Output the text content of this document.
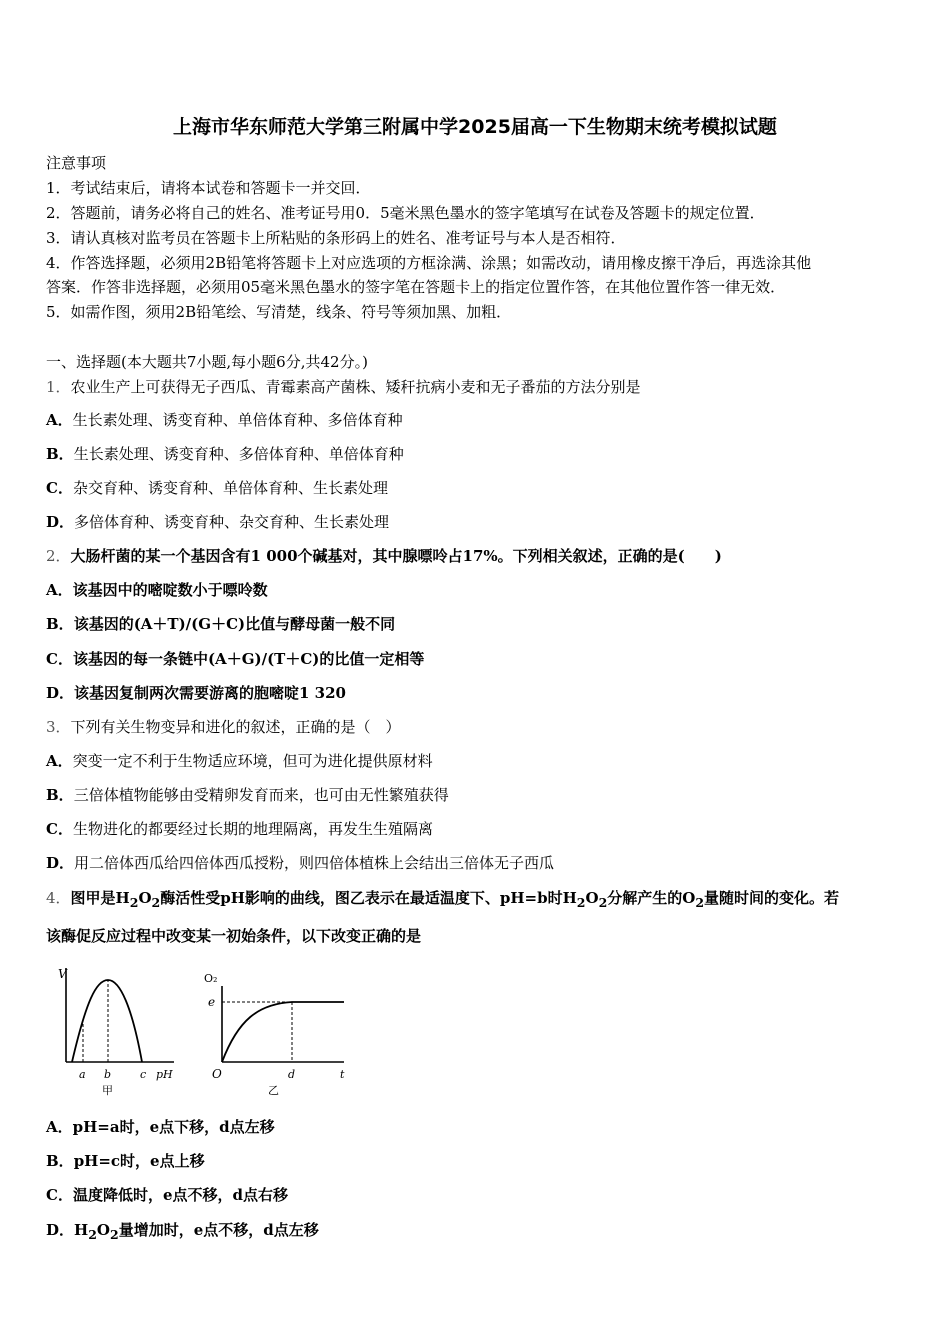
上海市华东师范大学第三附属中学2025届高一下生物期末统考模拟试题
注意事项
1．考试结束后，请将本试卷和答题卡一并交回．
2．答题前，请务必将自己的姓名、准考证号用0．5毫米黑色墨水的签字笔填写在试卷及答题卡的规定位置．
3．请认真核对监考员在答题卡上所粘贴的条形码上的姓名、准考证号与本人是否相符．
4．作答选择题，必须用2B铅笔将答题卡上对应选项的方框涂满、涂黑；如需改动，请用橡皮擦干净后，再选涂其他
答案．作答非选择题，必须用05毫米黑色墨水的签字笔在答题卡上的指定位置作答，在其他位置作答一律无效．
5．如需作图，须用2B铅笔绘、写清楚，线条、符号等须加黑、加粗．
一、选择题(本大题共7小题,每小题6分,共42分。)
1．农业生产上可获得无子西瓜、青霉素高产菌株、矮秆抗病小麦和无子番茄的方法分别是
A．生长素处理、诱变育种、单倍体育种、多倍体育种
B．生长素处理、诱变育种、多倍体育种、单倍体育种
C．杂交育种、诱变育种、单倍体育种、生长素处理
D．多倍体育种、诱变育种、杂交育种、生长素处理
2．大肠杆菌的某一个基因含有1 000个碱基对，其中腺嘌呤占17%。下列相关叙述，正确的是(　　)
A．该基因中的嘧啶数小于嘌呤数
B．该基因的(A＋T)/(G＋C)比值与酵母菌一般不同
C．该基因的每一条链中(A＋G)/(T＋C)的比值一定相等
D．该基因复制两次需要游离的胞嘧啶1 320
3．下列有关生物变异和进化的叙述，正确的是（　）
A．突变一定不利于生物适应环境，但可为进化提供原材料
B．三倍体植物能够由受精卵发育而来，也可由无性繁殖获得
C．生物进化的都要经过长期的地理隔离，再发生生殖隔离
D．用二倍体西瓜给四倍体西瓜授粉，则四倍体植株上会结出三倍体无子西瓜
4．图甲是$H_2O_2$酶活性受pH影响的曲线，图乙表示在最适温度下、pH=b时$H_2O_2$分解产生的$O_2$量随时间的变化。若
该酶促反应过程中改变某一初始条件，以下改变正确的是
V
a b	c pH
甲
O₂
e
O	d	t
乙
A．pH=a时，e点下移，d点左移
B．pH=c时，e点上移
C．温度降低时，e点不移，d点右移
D．$H_2O_2$量增加时，e点不移，d点左移
